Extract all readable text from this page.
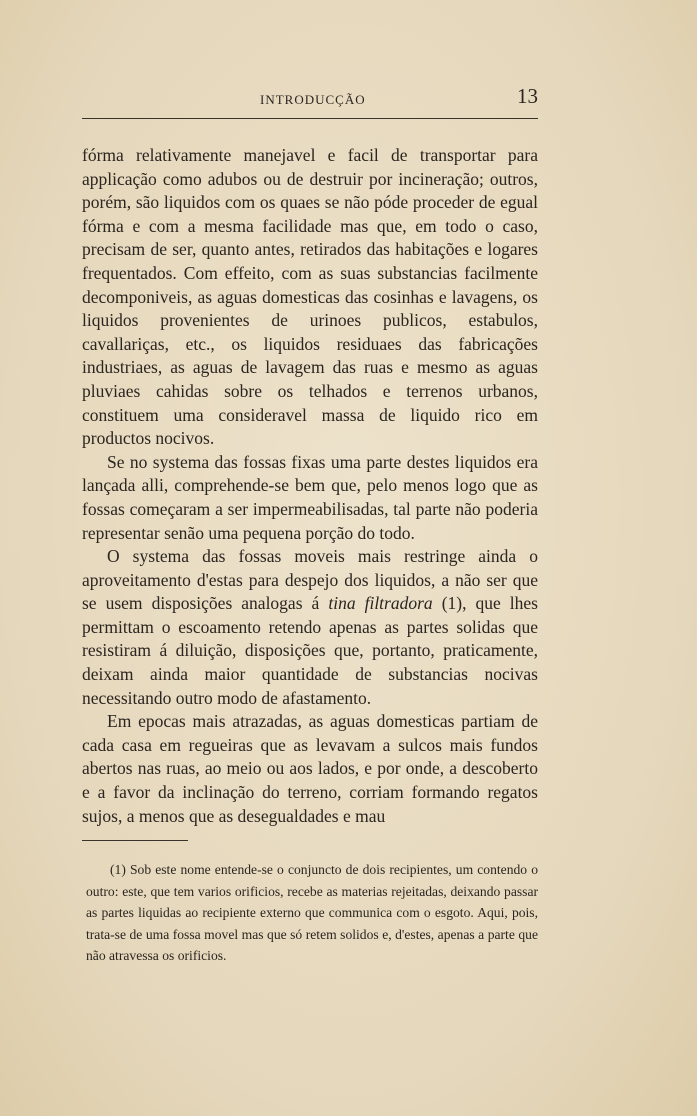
INTRODUCÇÃO	13

fórma relativamente manejavel e facil de transportar para applicação como adubos ou de destruir por incineração; outros, porém, são liquidos com os quaes se não póde proceder de egual fórma e com a mesma facilidade mas que, em todo o caso, precisam de ser, quanto antes, retirados das habitações e logares frequentados. Com effeito, com as suas substancias facilmente decomponiveis, as aguas domesticas das cosinhas e lavagens, os liquidos provenientes de urinoes publicos, estabulos, cavallariças, etc., os liquidos residuaes das fabricações industriaes, as aguas de lavagem das ruas e mesmo as aguas pluviaes cahidas sobre os telhados e terrenos urbanos, constituem uma consideravel massa de liquido rico em productos nocivos.

Se no systema das fossas fixas uma parte destes liquidos era lançada alli, comprehende-se bem que, pelo menos logo que as fossas começaram a ser impermeabilisadas, tal parte não poderia representar senão uma pequena porção do todo.

O systema das fossas moveis mais restringe ainda o aproveitamento d'estas para despejo dos liquidos, a não ser que se usem disposições analogas á tina filtradora (1), que lhes permittam o escoamento retendo apenas as partes solidas que resistiram á diluição, disposições que, portanto, praticamente, deixam ainda maior quantidade de substancias nocivas necessitando outro modo de afastamento.

Em epocas mais atrazadas, as aguas domesticas partiam de cada casa em regueiras que as levavam a sulcos mais fundos abertos nas ruas, ao meio ou aos lados, e por onde, a descoberto e a favor da inclinação do terreno, corriam formando regatos sujos, a menos que as desegualdades e mau

(1) Sob este nome entende-se o conjuncto de dois recipientes, um contendo o outro: este, que tem varios orificios, recebe as materias rejeitadas, deixando passar as partes liquidas ao recipiente externo que communica com o esgoto. Aqui, pois, trata-se de uma fossa movel mas que só retem solidos e, d'estes, apenas a parte que não atravessa os orificios.
